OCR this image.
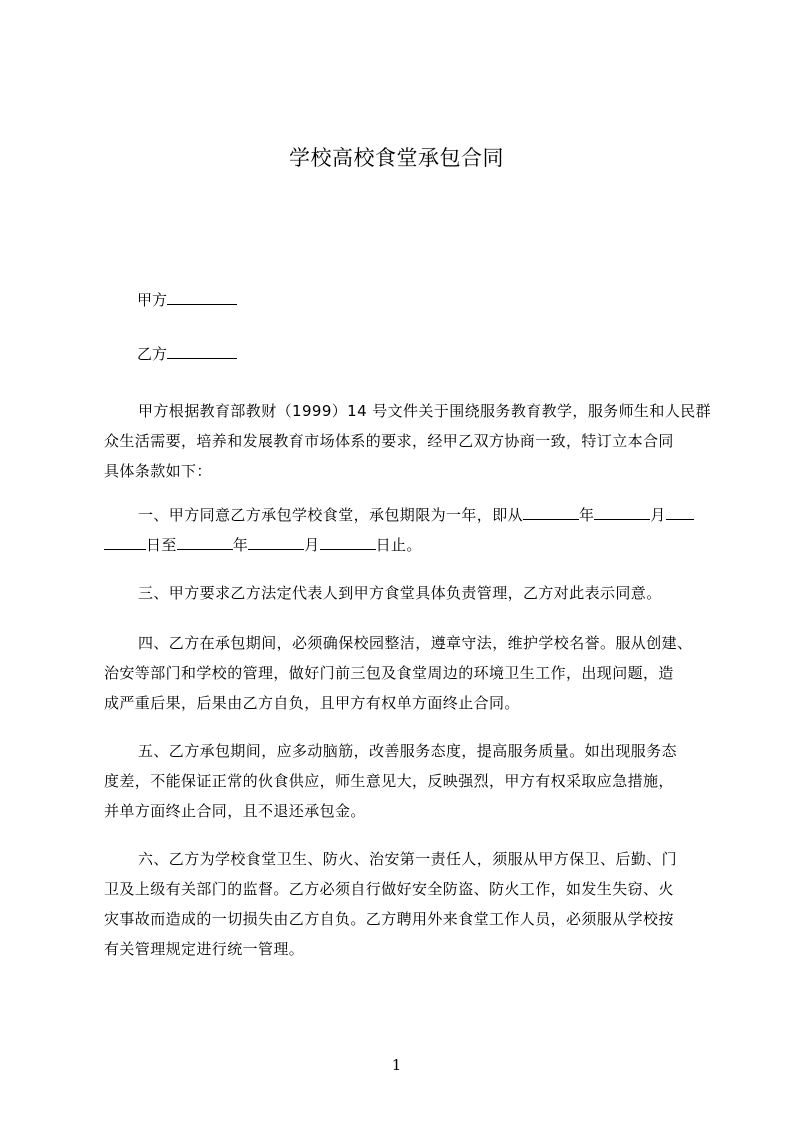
学校高校食堂承包合同
甲方
乙方
甲方根据教育部教财（1999）14 号文件关于围绕服务教育教学，服务师生和人民群
众生活需要，培养和发展教育市场体系的要求，经甲乙双方协商一致，特订立本合同
具体条款如下：
一、甲方同意乙方承包学校食堂，承包期限为一年，即从	年	月
日至	年	月	日止。
三、甲方要求乙方法定代表人到甲方食堂具体负责管理，乙方对此表示同意。
四、乙方在承包期间，必须确保校园整洁，遵章守法，维护学校名誉。服从创建、
治安等部门和学校的管理，做好门前三包及食堂周边的环境卫生工作，出现问题，造
成严重后果，后果由乙方自负，且甲方有权单方面终止合同。
五、乙方承包期间，应多动脑筋，改善服务态度，提高服务质量。如出现服务态
度差，不能保证正常的伙食供应，师生意见大，反映强烈，甲方有权采取应急措施，
并单方面终止合同，且不退还承包金。
六、乙方为学校食堂卫生、防火、治安第一责任人，须服从甲方保卫、后勤、门
卫及上级有关部门的监督。乙方必须自行做好安全防盗、防火工作，如发生失窃、火
灾事故而造成的一切损失由乙方自负。乙方聘用外来食堂工作人员，必须服从学校按
有关管理规定进行统一管理。
1
